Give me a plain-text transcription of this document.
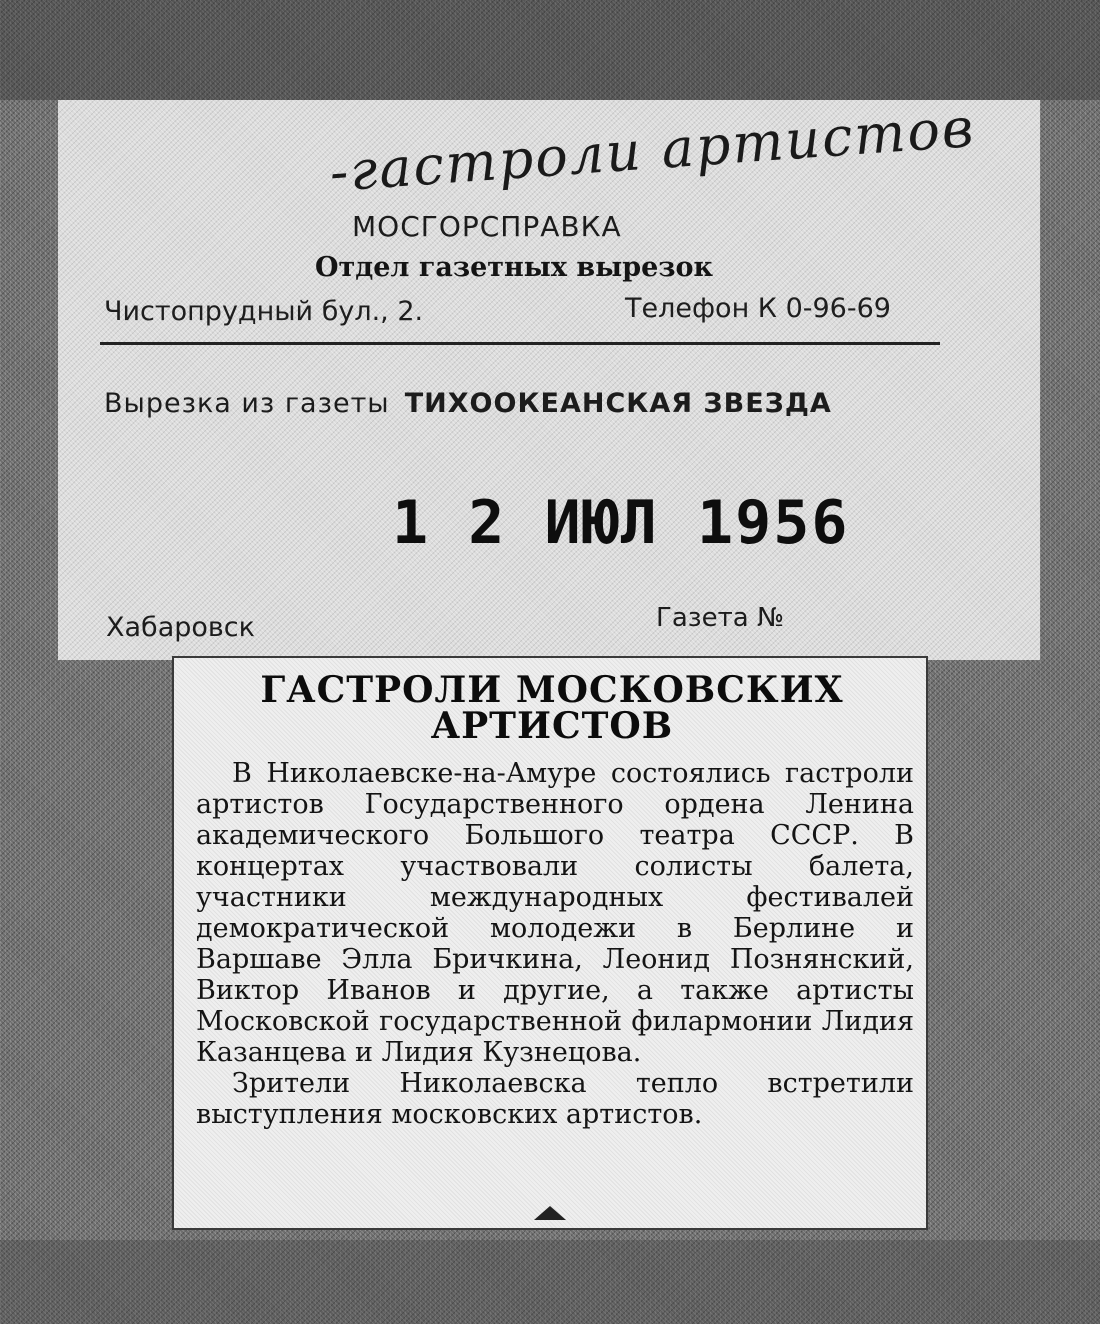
-гастроли артистов
МОСГОРСПРАВКА
Отдел газетных вырезок
Чистопрудный бул., 2.	Телефон К 0-96-69
Вырезка из газеты ТИХООКЕАНСКАЯ ЗВЕЗДА
1 2 ИЮЛ 1956
Хабаровск	Газета №
ГАСТРОЛИ МОСКОВСКИХ
АРТИСТОВ

В Николаевске-на-Амуре состоялись гастроли артистов Государственного ордена Ленина академического Большого театра СССР. В концертах участвовали солисты балета, участники международных фестивалей демократической молодежи в Берлине и Варшаве Элла Бричкина, Леонид Познянский, Виктор Иванов и другие, а также артисты Московской государственной филармонии Лидия Казанцева и Лидия Кузнецова.

Зрители Николаевска тепло встретили выступления московских артистов.
